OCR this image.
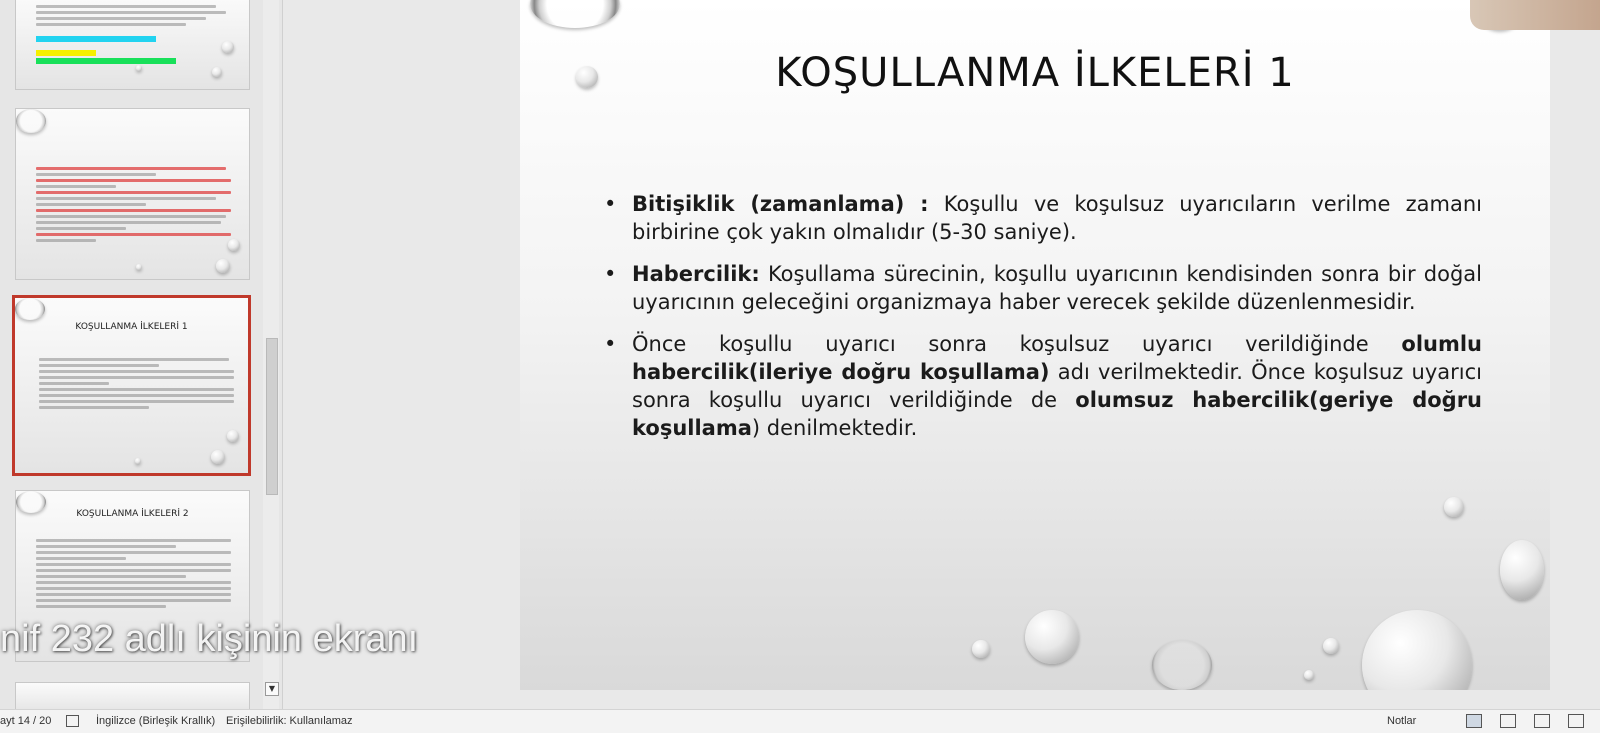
KOŞULLANMA İLKELERİ 1
KOŞULLANMA İLKELERİ 2
▼
nif 232 adlı kişinin ekranı
KOŞULLANMA İLKELERİ 1
• Bitişiklik (zamanlama) : Koşullu ve koşulsuz uyarıcıların verilme zamanı birbirine çok yakın olmalıdır (5-30 saniye).
• Habercilik: Koşullama sürecinin, koşullu uyarıcının kendisinden sonra bir doğal uyarıcının geleceğini organizmaya haber verecek şekilde düzenlenmesidir.
• Önce koşullu uyarıcı sonra koşulsuz uyarıcı verildiğinde olumlu habercilik(ileriye doğru koşullama) adı verilmektedir. Önce koşulsuz uyarıcı sonra koşullu uyarıcı verildiğinde de olumsuz habercilik(geriye doğru koşullama) denilmektedir.
ayt 14 / 20	İngilizce (Birleşik Krallık) Erişilebilirlik: Kullanılamaz	Notlar
